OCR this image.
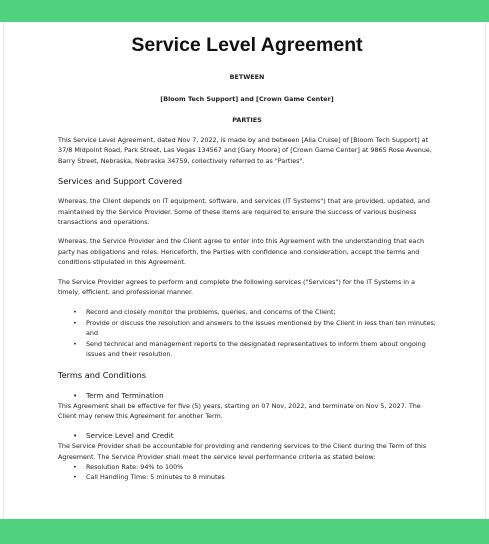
Service Level Agreement

BETWEEN

[Bloom Tech Support] and [Crown Game Center]

PARTIES

This Service Level Agreement, dated Nov 7, 2022, is made by and between [Alia Cruise] of [Bloom Tech Support] at 37/8 Midpoint Road, Park Street, Las Vegas 134567 and [Gary Moore] of [Crown Game Center] at 9865 Rose Avenue, Barry Street, Nebraska, Nebraska 34759, collectively referred to as "Parties".

Services and Support Covered

Whereas, the Client depends on IT equipment, software, and services (IT Systems") that are provided, updated, and maintained by the Service Provider. Some of these items are required to ensure the success of various business transactions and operations.

Whereas, the Service Provider and the Client agree to enter into this Agreement with the understanding that each party has obligations and roles. Henceforth, the Parties with confidence and consideration, accept the terms and conditions stipulated in this Agreement.

The Service Provider agrees to perform and complete the following services ("Services") for the IT Systems in a timely, efficient, and professional manner.

• Record and closely monitor the problems, queries, and concerns of the Client;
• Provide or discuss the resolution and answers to the issues mentioned by the Client in less than ten minutes; and
• Send technical and management reports to the designated representatives to inform them about ongoing issues and their resolution.

Terms and Conditions

• Term and Termination

This Agreement shall be effective for five (5) years, starting on 07 Nov, 2022, and terminate on Nov 5, 2027. The Client may renew this Agreement for another Term.

• Service Level and Credit

The Service Provider shall be accountable for providing and rendering services to the Client during the Term of this Agreement. The Service Provider shall meet the service level performance criteria as stated below:

• Resolution Rate: 94% to 100%
• Call Handling Time: 5 minutes to 8 minutes
